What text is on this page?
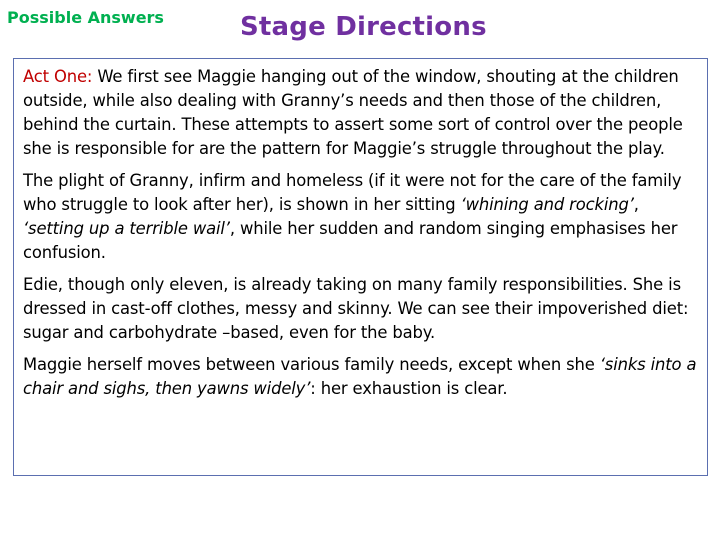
Possible Answers	Stage Directions

Act One: We first see Maggie hanging out of the window, shouting at the children outside, while also dealing with Granny’s needs and then those of the children, behind the curtain. These attempts to assert some sort of control over the people she is responsible for are the pattern for Maggie’s struggle throughout the play.

The plight of Granny, infirm and homeless (if it were not for the care of the family who struggle to look after her), is shown in her sitting ‘whining and rocking’, ‘setting up a terrible wail’, while her sudden and random singing emphasises her confusion.

Edie, though only eleven, is already taking on many family responsibilities. She is dressed in cast-off clothes, messy and skinny. We can see their impoverished diet: sugar and carbohydrate –based, even for the baby.

Maggie herself moves between various family needs, except when she ‘sinks into a chair and sighs, then yawns widely’: her exhaustion is clear.
